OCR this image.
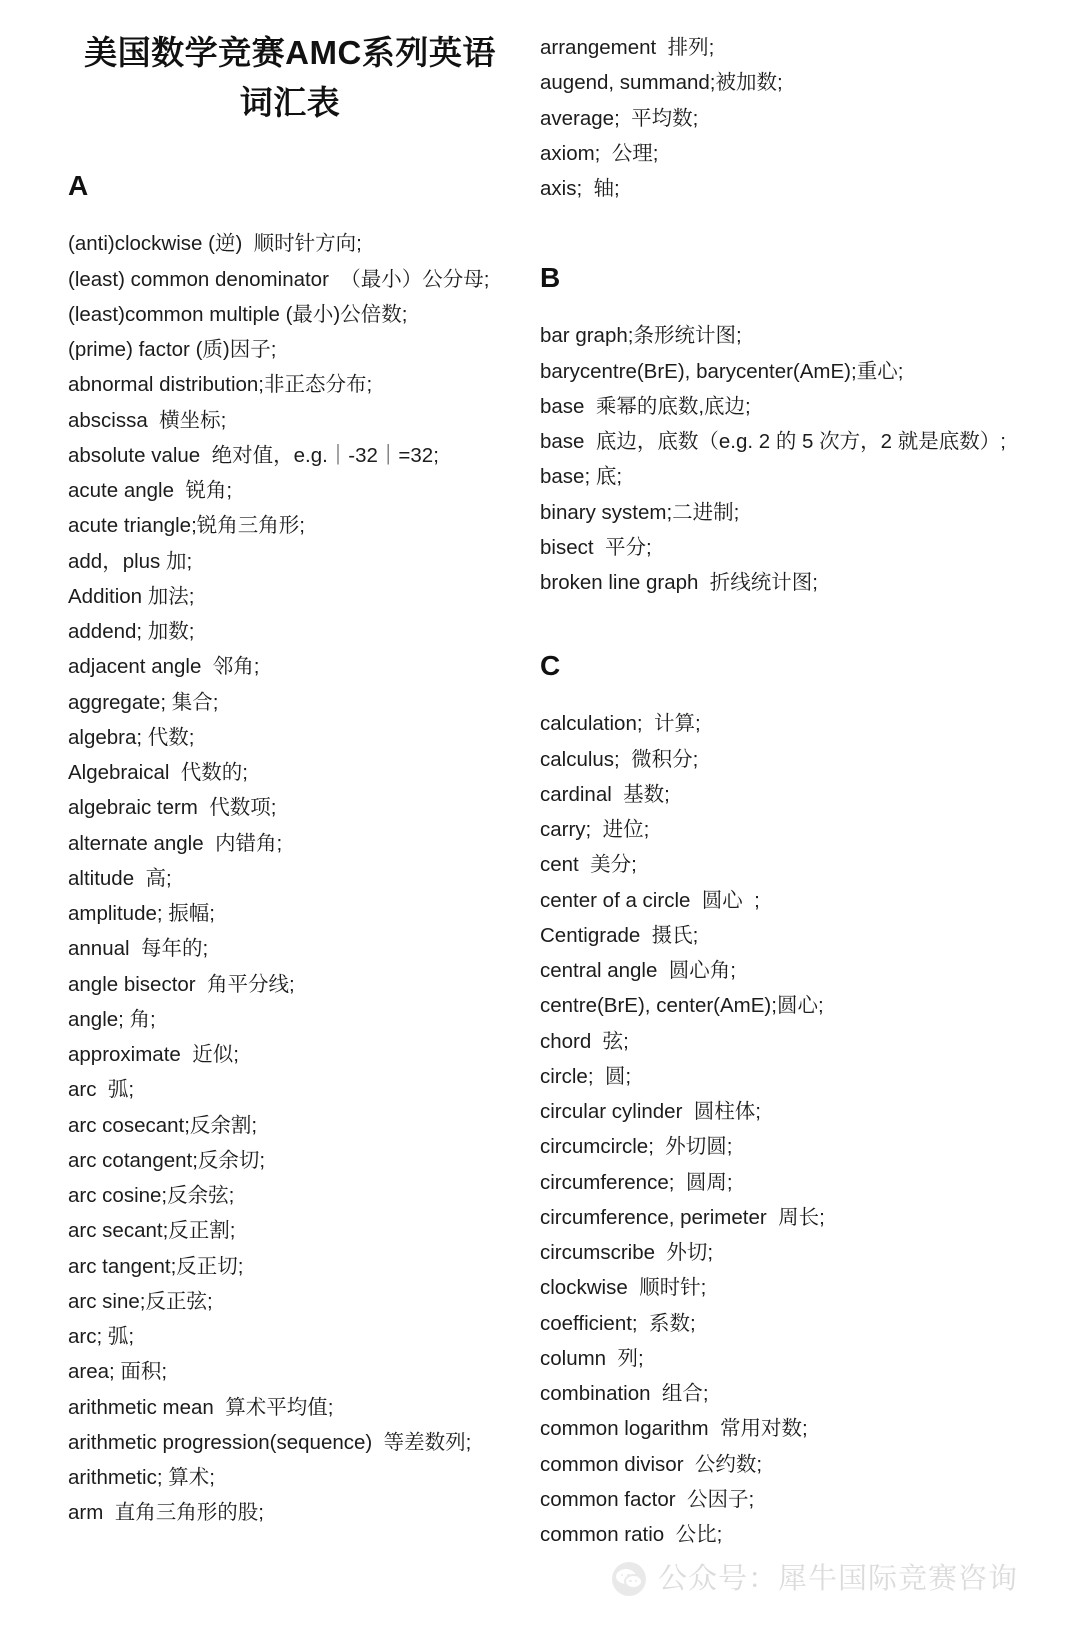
美国数学竞赛AMC系列英语词汇表
A
(anti)clockwise (逆)  顺时针方向;
(least) common denominator  （最小）公分母;
(least)common multiple (最小)公倍数;
(prime) factor (质)因子;
abnormal distribution;非正态分布;
abscissa  横坐标;
absolute value  绝对值，e.g.｜-32｜=32;
acute angle  锐角;
acute triangle;锐角三角形;
add，plus 加;
Addition 加法;
addend; 加数;
adjacent angle  邻角;
aggregate; 集合;
algebra; 代数;
Algebraical  代数的;
algebraic term  代数项;
alternate angle  内错角;
altitude  高;
amplitude; 振幅;
annual  每年的;
angle bisector  角平分线;
angle; 角;
approximate  近似;
arc  弧;
arc cosecant;反余割;
arc cotangent;反余切;
arc cosine;反余弦;
arc secant;反正割;
arc tangent;反正切;
arc sine;反正弦;
arc; 弧;
area; 面积;
arithmetic mean  算术平均值;
arithmetic progression(sequence)  等差数列;
arithmetic; 算术;
arm  直角三角形的股;
arrangement  排列;
augend, summand;被加数;
average;  平均数;
axiom;  公理;
axis;  轴;
B
bar graph;条形统计图;
barycentre(BrE), barycenter(AmE);重心;
base  乘幂的底数,底边;
base  底边，底数（e.g. 2 的 5 次方，2 就是底数）;
base; 底;
binary system;二进制;
bisect  平分;
broken line graph  折线统计图;
C
calculation;  计算;
calculus;  微积分;
cardinal  基数;
carry;  进位;
cent  美分;
center of a circle  圆心  ;
Centigrade  摄氏;
central angle  圆心角;
centre(BrE), center(AmE);圆心;
chord  弦;
circle;  圆;
circular cylinder  圆柱体;
circumcircle;  外切圆;
circumference;  圆周;
circumference, perimeter  周长;
circumscribe  外切;
clockwise  顺时针;
coefficient;  系数;
column  列;
combination  组合;
common logarithm  常用对数;
common divisor  公约数;
common factor  公因子;
common ratio  公比;
公众号：犀牛国际竞赛咨询
